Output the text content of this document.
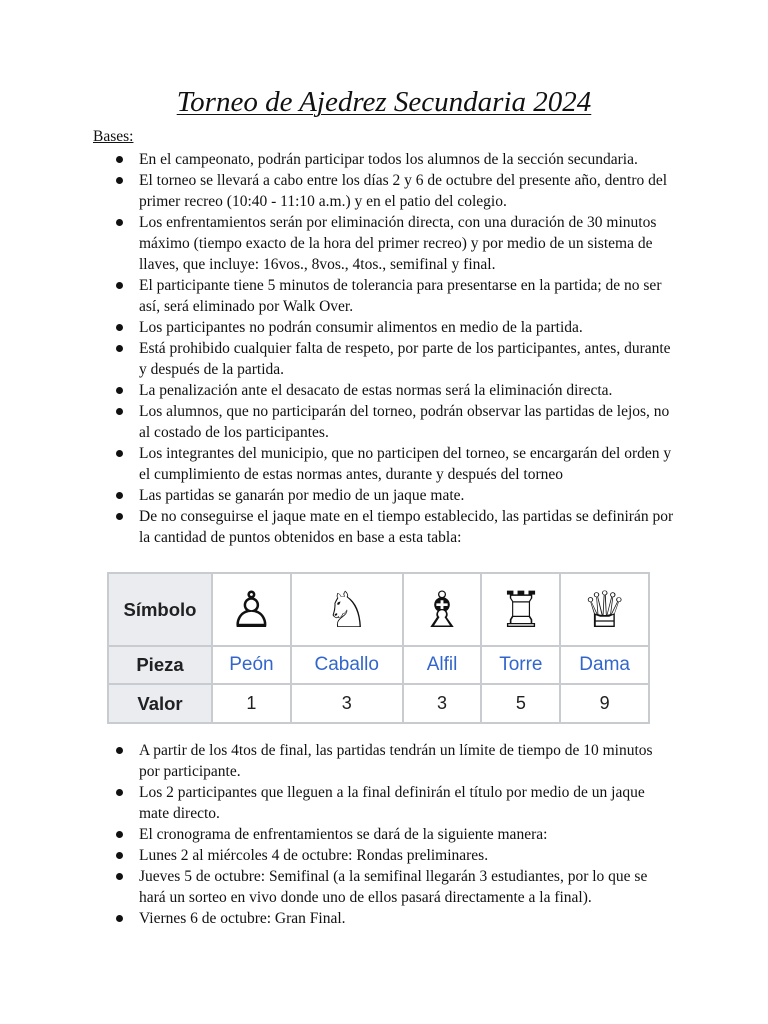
Torneo de Ajedrez Secundaria 2024

Bases:

En el campeonato, podrán participar todos los alumnos de la sección secundaria.
El torneo se llevará a cabo entre los días 2 y 6 de octubre del presente año, dentro del primer recreo (10:40 - 11:10 a.m.) y en el patio del colegio.
Los enfrentamientos serán por eliminación directa, con una duración de 30 minutos máximo (tiempo exacto de la hora del primer recreo) y por medio de un sistema de llaves, que incluye: 16vos., 8vos., 4tos., semifinal y final.
El participante tiene 5 minutos de tolerancia para presentarse en la partida; de no ser así, será eliminado por Walk Over.
Los participantes no podrán consumir alimentos en medio de la partida.
Está prohibido cualquier falta de respeto, por parte de los participantes, antes, durante y después de la partida.
La penalización ante el desacato de estas normas será la eliminación directa.
Los alumnos, que no participarán del torneo, podrán observar las partidas de lejos, no al costado de los participantes.
Los integrantes del municipio, que no participen del torneo, se encargarán del orden y el cumplimiento de estas normas antes, durante y después del torneo
Las partidas se ganarán por medio de un jaque mate.
De no conseguirse el jaque mate en el tiempo establecido, las partidas se definirán por la cantidad de puntos obtenidos en base a esta tabla:
Símbolo	♙	♘	♗	♖	♕
Pieza	Peón	Caballo	Alfil	Torre	Dama
Valor	1	3	3	5	9
A partir de los 4tos de final, las partidas tendrán un límite de tiempo de 10 minutos por participante.
Los 2 participantes que lleguen a la final definirán el título por medio de un jaque mate directo.
El cronograma de enfrentamientos se dará de la siguiente manera:
Lunes 2 al miércoles 4 de octubre: Rondas preliminares.
Jueves 5 de octubre: Semifinal (a la semifinal llegarán 3 estudiantes, por lo que se hará un sorteo en vivo donde uno de ellos pasará directamente a la final).
Viernes 6 de octubre: Gran Final.
